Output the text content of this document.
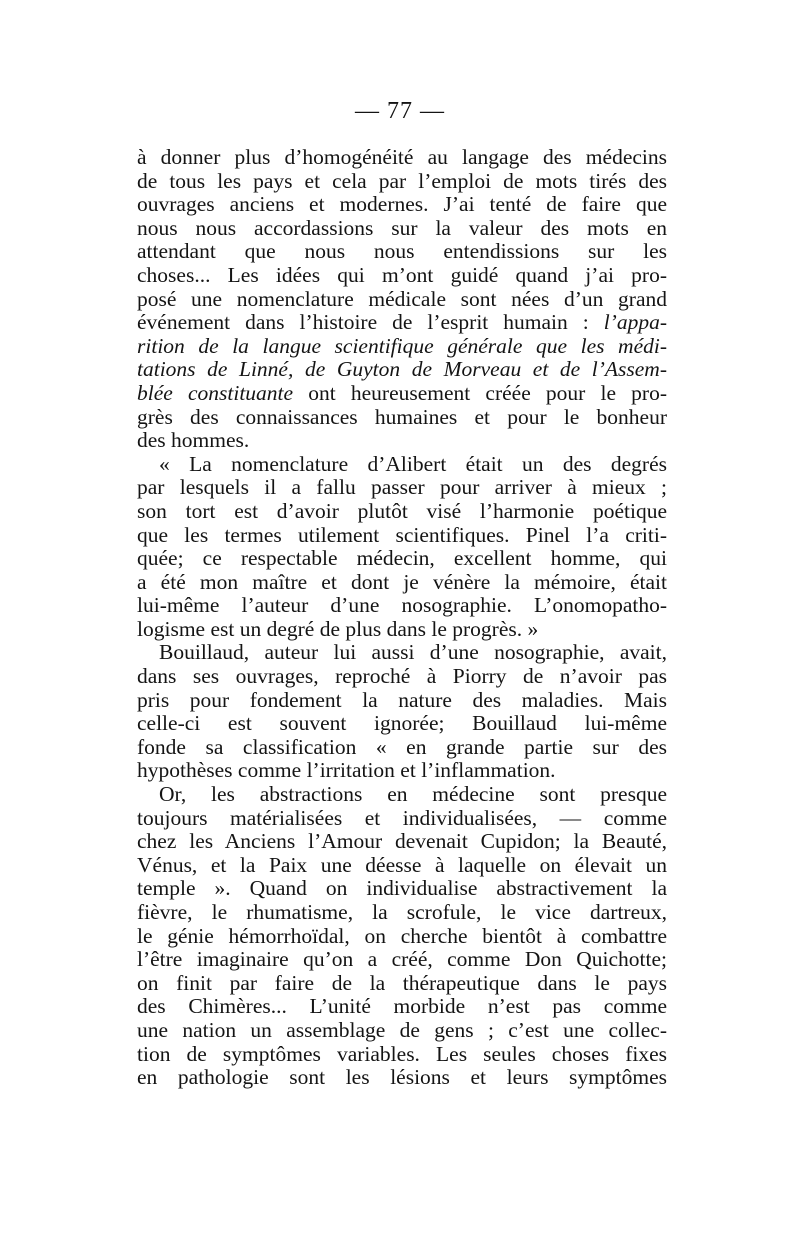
— 77 —
à donner plus d’homogénéité au langage des médecins
de tous les pays et cela par l’emploi de mots tirés des
ouvrages anciens et modernes. J’ai tenté de faire que
nous nous accordassions sur la valeur des mots en
attendant que nous nous entendissions sur les
choses... Les idées qui m’ont guidé quand j’ai pro-
posé une nomenclature médicale sont nées d’un grand
événement dans l’histoire de l’esprit humain : l’appa-
rition de la langue scientifique générale que les médi-
tations de Linné, de Guyton de Morveau et de l’Assem-
blée constituante ont heureusement créée pour le pro-
grès des connaissances humaines et pour le bonheur
des hommes.
« La nomenclature d’Alibert était un des degrés
par lesquels il a fallu passer pour arriver à mieux ;
son tort est d’avoir plutôt visé l’harmonie poétique
que les termes utilement scientifiques. Pinel l’a criti-
quée; ce respectable médecin, excellent homme, qui
a été mon maître et dont je vénère la mémoire, était
lui-même l’auteur d’une nosographie. L’onomopatho-
logisme est un degré de plus dans le progrès. »
Bouillaud, auteur lui aussi d’une nosographie, avait,
dans ses ouvrages, reproché à Piorry de n’avoir pas
pris pour fondement la nature des maladies. Mais
celle-ci est souvent ignorée; Bouillaud lui-même
fonde sa classification « en grande partie sur des
hypothèses comme l’irritation et l’inflammation.
Or, les abstractions en médecine sont presque
toujours matérialisées et individualisées, — comme
chez les Anciens l’Amour devenait Cupidon; la Beauté,
Vénus, et la Paix une déesse à laquelle on élevait un
temple ». Quand on individualise abstractivement la
fièvre, le rhumatisme, la scrofule, le vice dartreux,
le génie hémorrhoïdal, on cherche bientôt à combattre
l’être imaginaire qu’on a créé, comme Don Quichotte;
on finit par faire de la thérapeutique dans le pays
des Chimères... L’unité morbide n’est pas comme
une nation un assemblage de gens ; c’est une collec-
tion de symptômes variables. Les seules choses fixes
en pathologie sont les lésions et leurs symptômes
